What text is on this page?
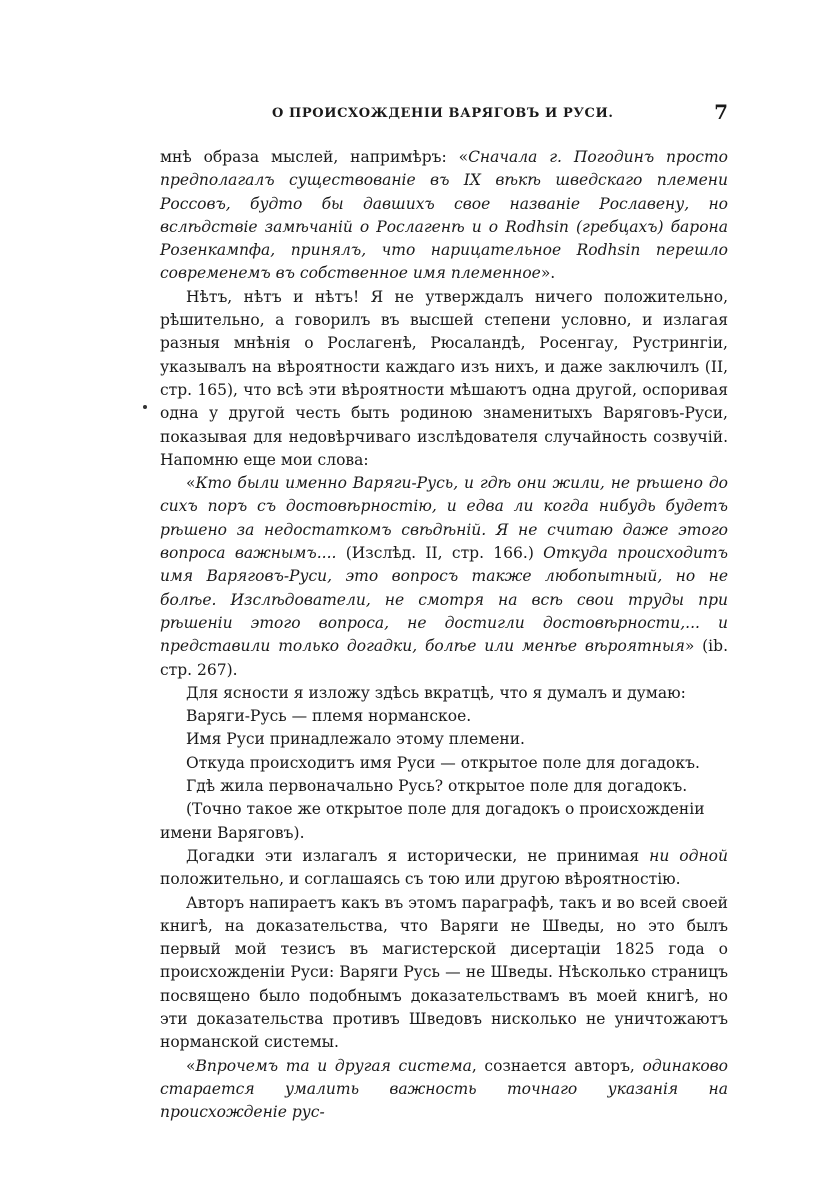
О ПРОИСХОЖДЕНІИ ВАРЯГОВЪ И РУСИ.	7

мнѣ образа мыслей, напримѣръ: «Сначала г. Погодинъ просто предполагалъ существованіе въ IX вѣкѣ шведскаго племени Россовъ, будто бы давшихъ свое названіе Рославену, но вслѣдствіе замѣчаній о Рослагенѣ и о Rodhsin (гребцахъ) барона Розенкампфа, принялъ, что нарицательное Rodhsin перешло современемъ въ собственное имя племенное».

Нѣтъ, нѣтъ и нѣтъ! Я не утверждалъ ничего положительно, рѣшительно, а говорилъ въ высшей степени условно, и излагая разныя мнѣнія о Рослагенѣ, Рюсаландѣ, Росенгау, Рустрингіи, указывалъ на вѣроятности каждаго изъ нихъ, и даже заключилъ (II, стр. 165), что всѣ эти вѣроятности мѣшаютъ одна другой, оспоривая одна у другой честь быть родиною знаменитыхъ Варяговъ-Руси, показывая для недовѣрчиваго изслѣдователя случайность созвучій. Напомню еще мои слова:

«Кто были именно Варяги-Русь, и гдѣ они жили, не рѣшено до сихъ поръ съ достовѣрностію, и едва ли когда нибудь будетъ рѣшено за недостаткомъ свѣдѣній. Я не считаю даже этого вопроса важнымъ.... (Изслѣд. II, стр. 166.) Откуда происходитъ имя Варяговъ-Руси, это вопросъ также любопытный, но не болѣе. Изслѣдователи, не смотря на всѣ свои труды при рѣшеніи этого вопроса, не достигли достовѣрности,... и представили только догадки, болѣе или менѣе вѣроятныя» (ib. стр. 267).

Для ясности я изложу здѣсь вкратцѣ, что я думалъ и думаю:

Варяги-Русь — племя норманское.

Имя Руси принадлежало этому племени.

Откуда происходитъ имя Руси — открытое поле для догадокъ.

Гдѣ жила первоначально Русь? открытое поле для догадокъ.

(Точно такое же открытое поле для догадокъ о происхожденіи имени Варяговъ).

Догадки эти излагалъ я исторически, не принимая ни одной положительно, и соглашаясь съ тою или другою вѣроятностію.

Авторъ напираетъ какъ въ этомъ параграфѣ, такъ и во всей своей книгѣ, на доказательства, что Варяги не Шведы, но это былъ первый мой тезисъ въ магистерской дисертаціи 1825 года о происхожденіи Руси: Варяги Русь — не Шведы. Нѣсколько страницъ посвящено было подобнымъ доказательствамъ въ моей книгѣ, но эти доказательства противъ Шведовъ нисколько не уничтожаютъ норманской системы.

«Впрочемъ та и другая система, сознается авторъ, одинаково старается умалить важность точнаго указанія на происхожденіе рус-
